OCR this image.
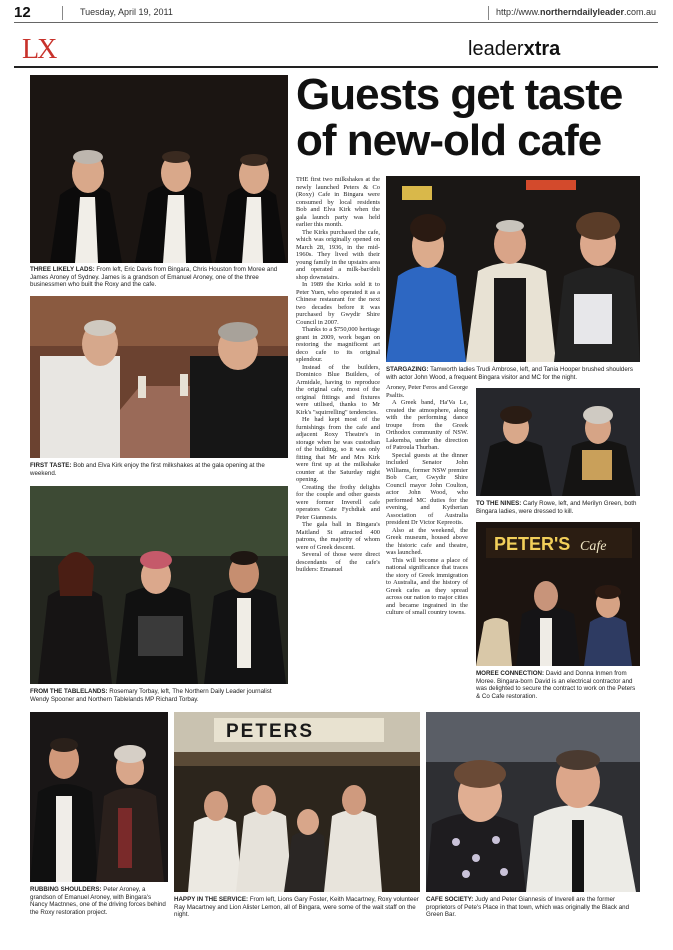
12	Tuesday, April 19, 2011	http://www.northerndailyleader.com.au
LX	leaderxtra
THREE LIKELY LADS: From left, Eric Davis from Bingara, Chris Houston from Moree and James Aroney of Sydney. James is a grandson of Emanuel Aroney, one of the three businessmen who built the Roxy and the cafe.
FIRST TASTE: Bob and Elva Kirk enjoy the first milkshakes at the gala opening at the weekend.
FROM THE TABLELANDS: Rosemary Torbay, left, The Northern Daily Leader journalist Wendy Spooner and Northern Tablelands MP Richard Torbay.
Guests get taste of new-old cafe

THE first two milkshakes at the newly launched Peters & Co (Roxy) Cafe in Bingara were consumed by local residents Bob and Elva Kirk when the gala launch party was held earlier this month.

The Kirks purchased the cafe, which was originally opened on March 28, 1936, in the mid-1960s. They lived with their young family in the upstairs area and operated a milk-bar/deli shop downstairs.

In 1989 the Kirks sold it to Peter Yuen, who operated it as a Chinese restaurant for the next two decades before it was purchased by Gwydir Shire Council in 2007.

Thanks to a $750,000 heritage grant in 2009, work began on restoring the magnificent art deco cafe to its original splendour.

Instead of the builders, Dominico Blue Builders, of Armidale, having to reproduce the original cafe, most of the original fittings and fixtures were utilised, thanks to Mr Kirk's "squirrelling" tendencies.

He had kept most of the furnishings from the cafe and adjacent Roxy Theatre's in storage when he was custodian of the building, so it was only fitting that Mr and Mrs Kirk were first up at the milkshake counter at the Saturday night opening.

Creating the frothy delights for the couple and other guests were former Inverell cafe operators Cate Fychdiak and Peter Giannesis.

The gala ball in Bingara's Maitland St attracted 400 patrons, the majority of whom were of Greek descent.

Several of those were direct descendants of the cafe's builders: Emanuel

STARGAZING: Tamworth ladies Trudi Ambrose, left, and Tania Hooper brushed shoulders with actor John Wood, a frequent Bingara visitor and MC for the night.

Aroney, Peter Feros and George Psaltis.

A Greek band, Ha'Va Le, created the atmosphere, along with the performing dance troupe from the Greek Orthodox community of NSW. Lakemba, under the direction of Patroula Thurban.

Special guests at the dinner included Senator John Williams, former NSW premier Bob Carr, Gwydir Shire Council mayor John Coulton, actor John Wood, who performed MC duties for the evening, and Kytherian Association of Australia president Dr Victor Kepreotis.

Also at the weekend, the Greek museum, housed above the historic cafe and theatre, was launched.

This will become a place of national significance that traces the story of Greek immigration to Australia, and the history of Greek cafes as they spread across our nation to major cities and became ingrained in the culture of small country towns.

TO THE NINES: Carly Rowe, left, and Merilyn Green, both Bingara ladies, were dressed to kill.
PETER'S Cafe
MOREE CONNECTION: David and Donna Inmen from Moree. Bingara-born David is an electrical contractor and was delighted to secure the contract to work on the Peters & Co Cafe restoration.
RUBBING SHOULDERS: Peter Aroney, a grandson of Emanuel Aroney, with Bingara's Nancy Mactnnes, one of the driving forces behind the Roxy restoration project.
PETERS
HAPPY IN THE SERVICE: From left, Lions Gary Foster, Keith Macartney, Roxy volunteer Ray Macartney and Lion Alister Lemon, all of Bingara, were some of the wait staff on the night.
CAFE SOCIETY: Judy and Peter Giannesis of Inverell are the former proprietors of Pete's Place in that town, which was originally the Black and Green Bar.
